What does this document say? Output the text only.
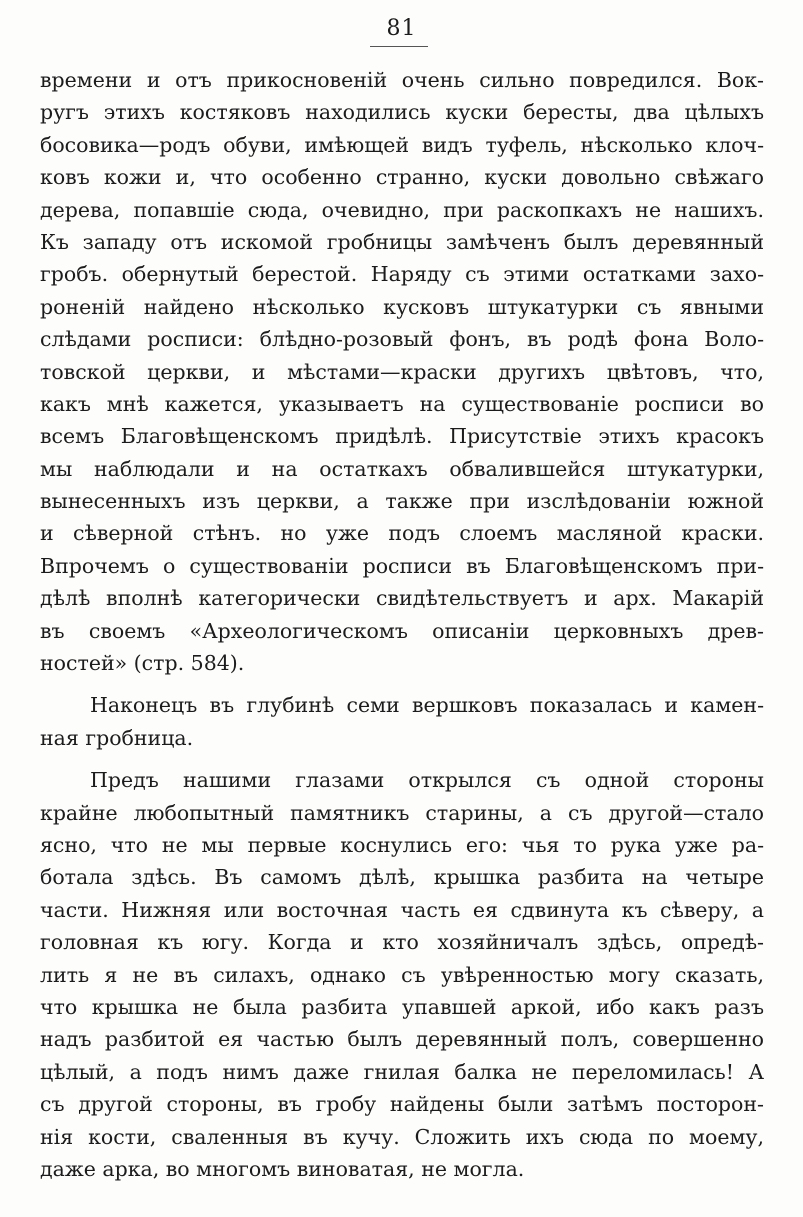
81
времени и отъ прикосновеній очень сильно повредился. Вок-
ругъ этихъ костяковъ находились куски бересты, два цѣлыхъ
босовика—родъ обуви, имѣющей видъ туфель, нѣсколько клоч-
ковъ кожи и, что особенно странно, куски довольно свѣжаго
дерева, попавшіе сюда, очевидно, при раскопкахъ не нашихъ.
Къ западу отъ искомой гробницы замѣченъ былъ деревянный
гробъ. обернутый берестой. Наряду съ этими остатками захо-
роненій найдено нѣсколько кусковъ штукатурки съ явными
слѣдами росписи: блѣдно-розовый фонъ, въ родѣ фона Воло-
товской церкви, и мѣстами—краски другихъ цвѣтовъ, что,
какъ мнѣ кажется, указываетъ на существованіе росписи во
всемъ Благовѣщенскомъ придѣлѣ. Присутствіе этихъ красокъ
мы наблюдали и на остаткахъ обвалившейся штукатурки,
вынесенныхъ изъ церкви, а также при изслѣдованіи южной
и сѣверной стѣнъ. но уже подъ слоемъ масляной краски.
Впрочемъ о существованіи росписи въ Благовѣщенскомъ при-
дѣлѣ вполнѣ категорически свидѣтельствуетъ и арх. Макарій
въ своемъ «Археологическомъ описаніи церковныхъ древ-
ностей» (стр. 584).
Наконецъ въ глубинѣ семи вершковъ показалась и камен-
ная гробница.
Предъ нашими глазами открылся съ одной стороны
крайне любопытный памятникъ старины, а съ другой—стало
ясно, что не мы первые коснулись его: чья то рука уже ра-
ботала здѣсь. Въ самомъ дѣлѣ, крышка разбита на четыре
части. Нижняя или восточная часть ея сдвинута къ сѣверу, а
головная къ югу. Когда и кто хозяйничалъ здѣсь, опредѣ-
лить я не въ силахъ, однако съ увѣренностью могу сказать,
что крышка не была разбита упавшей аркой, ибо какъ разъ
надъ разбитой ея частью былъ деревянный полъ, совершенно
цѣлый, а подъ нимъ даже гнилая балка не переломилась! А
съ другой стороны, въ гробу найдены были затѣмъ посторон-
нія кости, сваленныя въ кучу. Сложить ихъ сюда по моему,
даже арка, во многомъ виноватая, не могла.
